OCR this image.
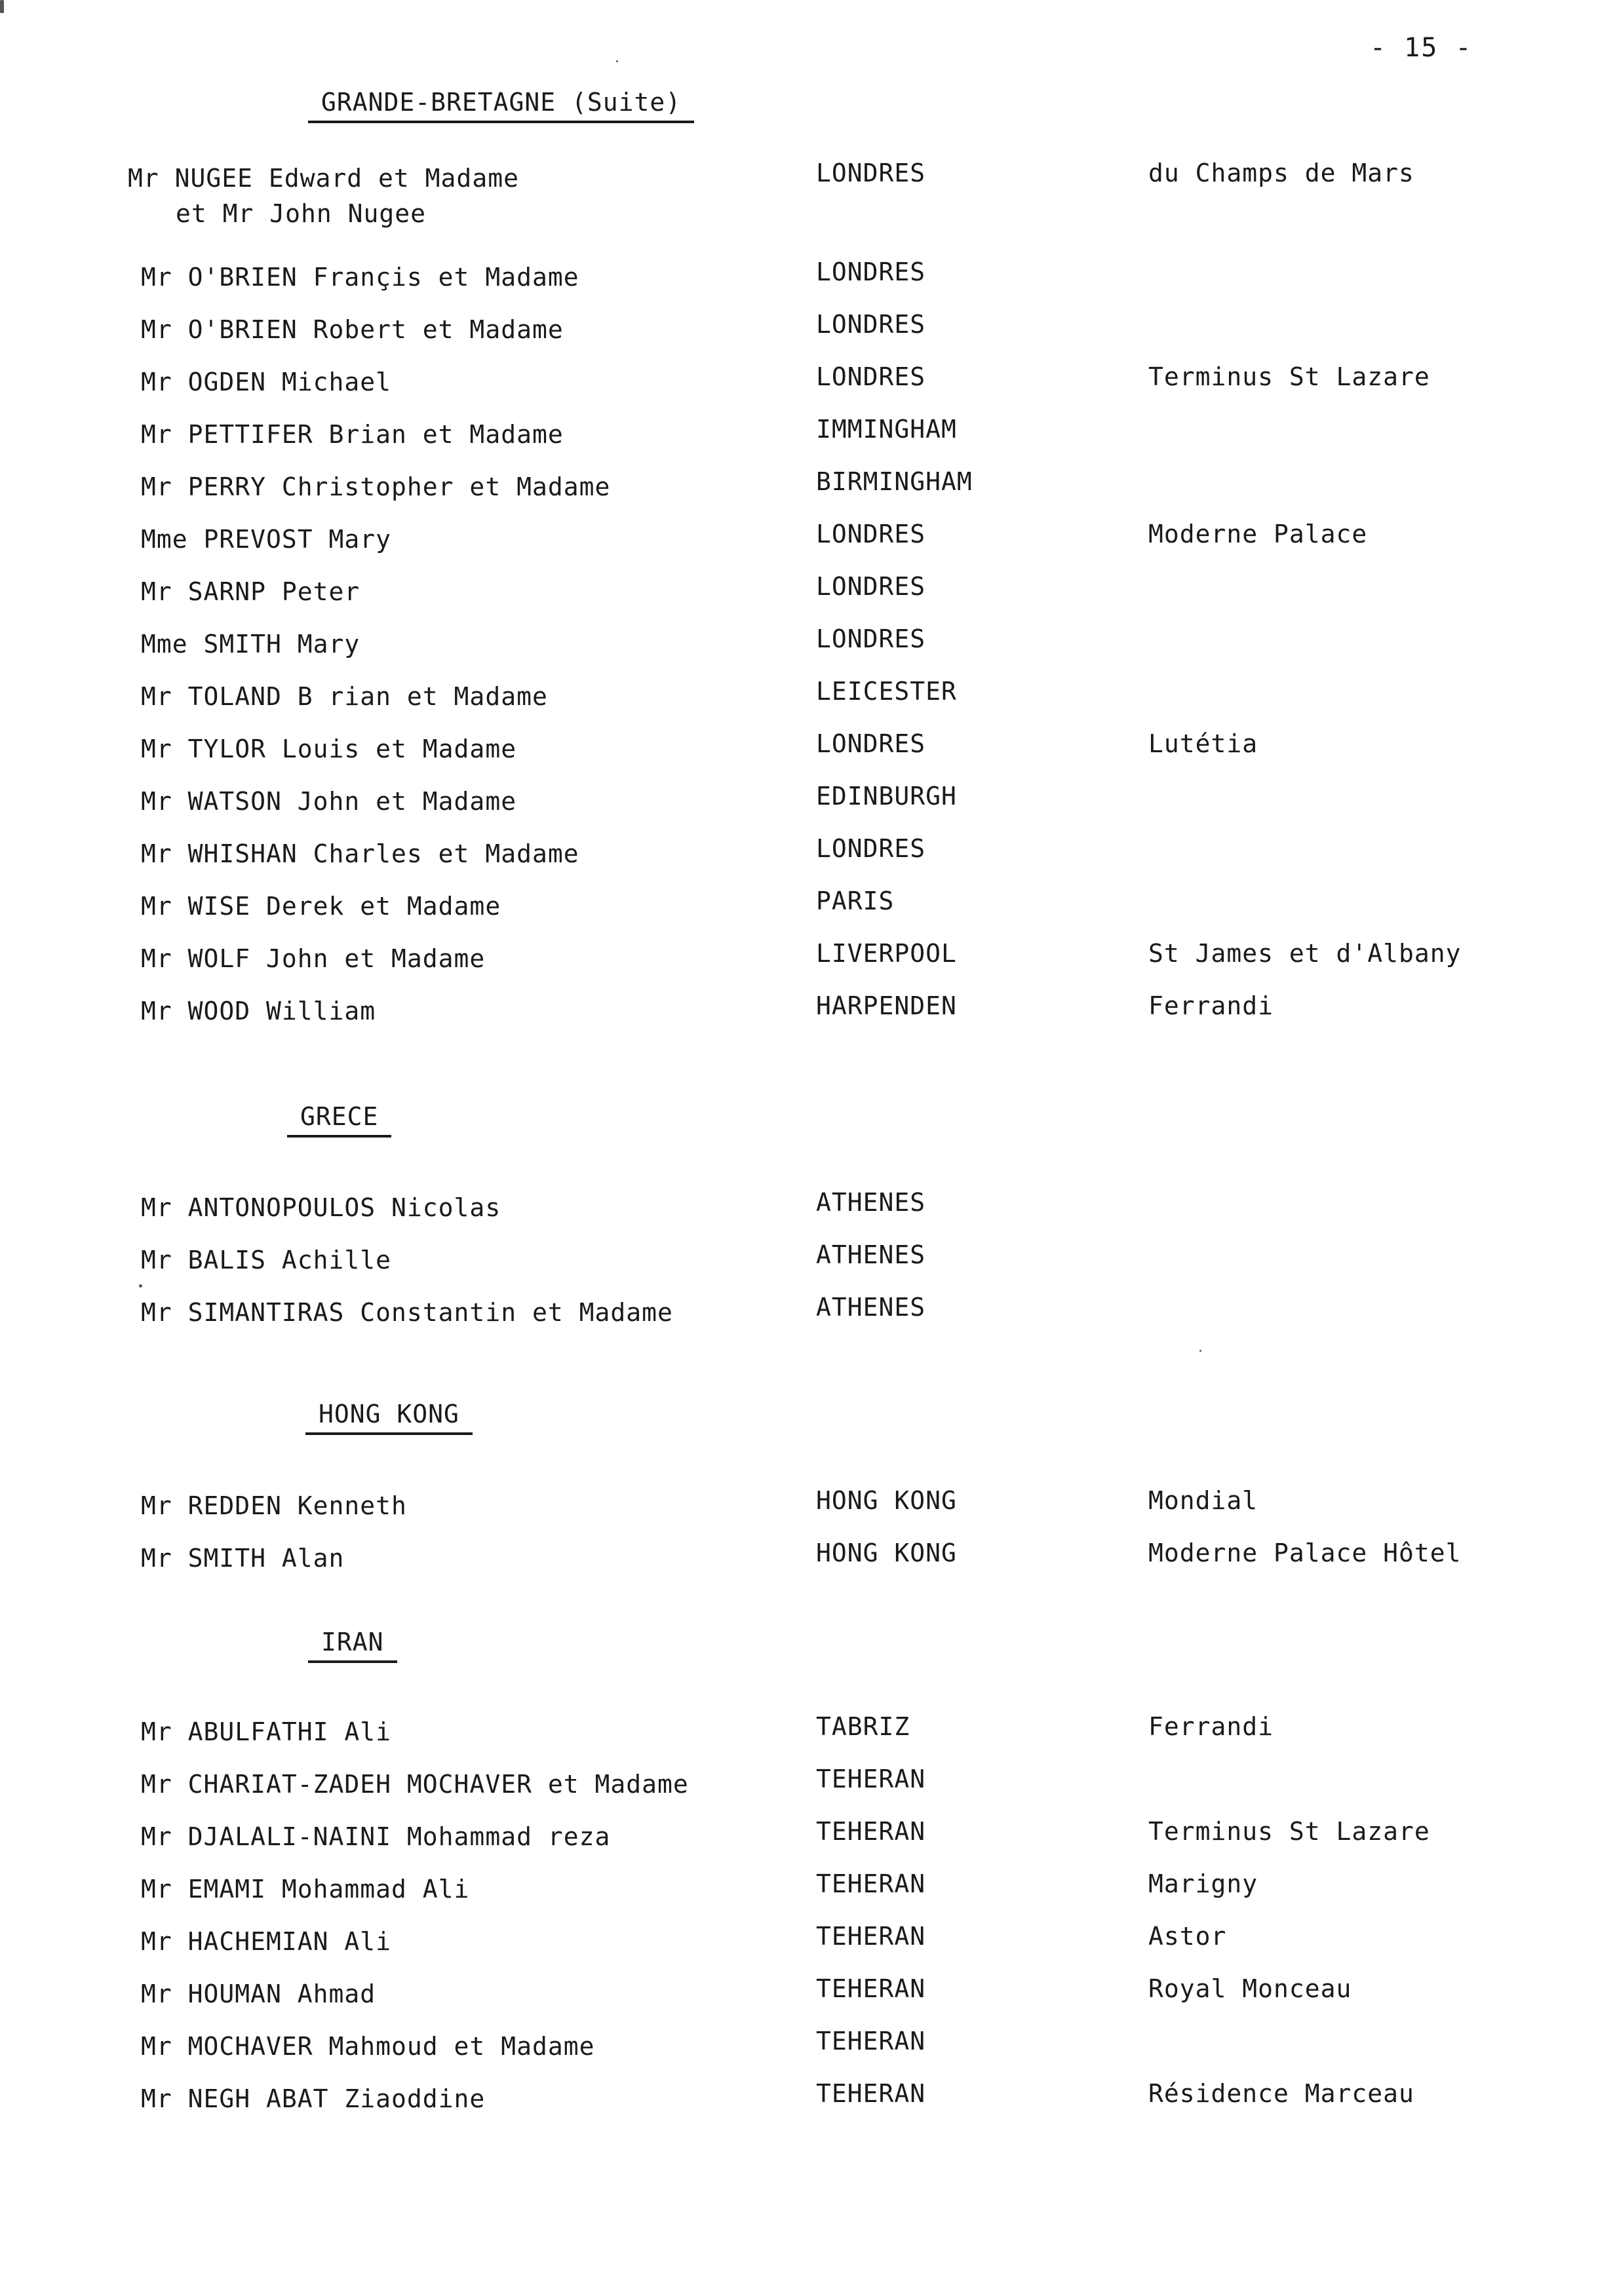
- 15 -
GRANDE-BRETAGNE (Suite)
Mr NUGEE Edward et Madame	LONDRES	du Champs de Mars
et Mr John Nugee
Mr O'BRIEN Françis et Madame	LONDRES
Mr O'BRIEN Robert et Madame	LONDRES
Mr OGDEN Michael	LONDRES	Terminus St Lazare
Mr PETTIFER Brian et Madame	IMMINGHAM
Mr PERRY Christopher et Madame	BIRMINGHAM
Mme PREVOST Mary	LONDRES	Moderne Palace
Mr SARNP Peter	LONDRES
Mme SMITH Mary	LONDRES
Mr TOLAND B rian et Madame	LEICESTER
Mr TYLOR Louis et Madame	LONDRES	Lutétia
Mr WATSON John et Madame	EDINBURGH
Mr WHISHAN Charles et Madame	LONDRES
Mr WISE Derek et Madame	PARIS
Mr WOLF John et Madame	LIVERPOOL	St James et d'Albany
Mr WOOD William	HARPENDEN	Ferrandi
GRECE
Mr ANTONOPOULOS Nicolas	ATHENES
Mr BALIS Achille	ATHENES
Mr SIMANTIRAS Constantin et Madame	ATHENES
HONG KONG
Mr REDDEN Kenneth	HONG KONG	Mondial
Mr SMITH Alan	HONG KONG	Moderne Palace Hôtel
IRAN
Mr ABULFATHI Ali	TABRIZ	Ferrandi
Mr CHARIAT-ZADEH MOCHAVER et Madame	TEHERAN
Mr DJALALI-NAINI Mohammad reza	TEHERAN	Terminus St Lazare
Mr EMAMI Mohammad Ali	TEHERAN	Marigny
Mr HACHEMIAN Ali	TEHERAN	Astor
Mr HOUMAN Ahmad	TEHERAN	Royal Monceau
Mr MOCHAVER Mahmoud et Madame	TEHERAN
Mr NEGH ABAT Ziaoddine	TEHERAN	Résidence Marceau
